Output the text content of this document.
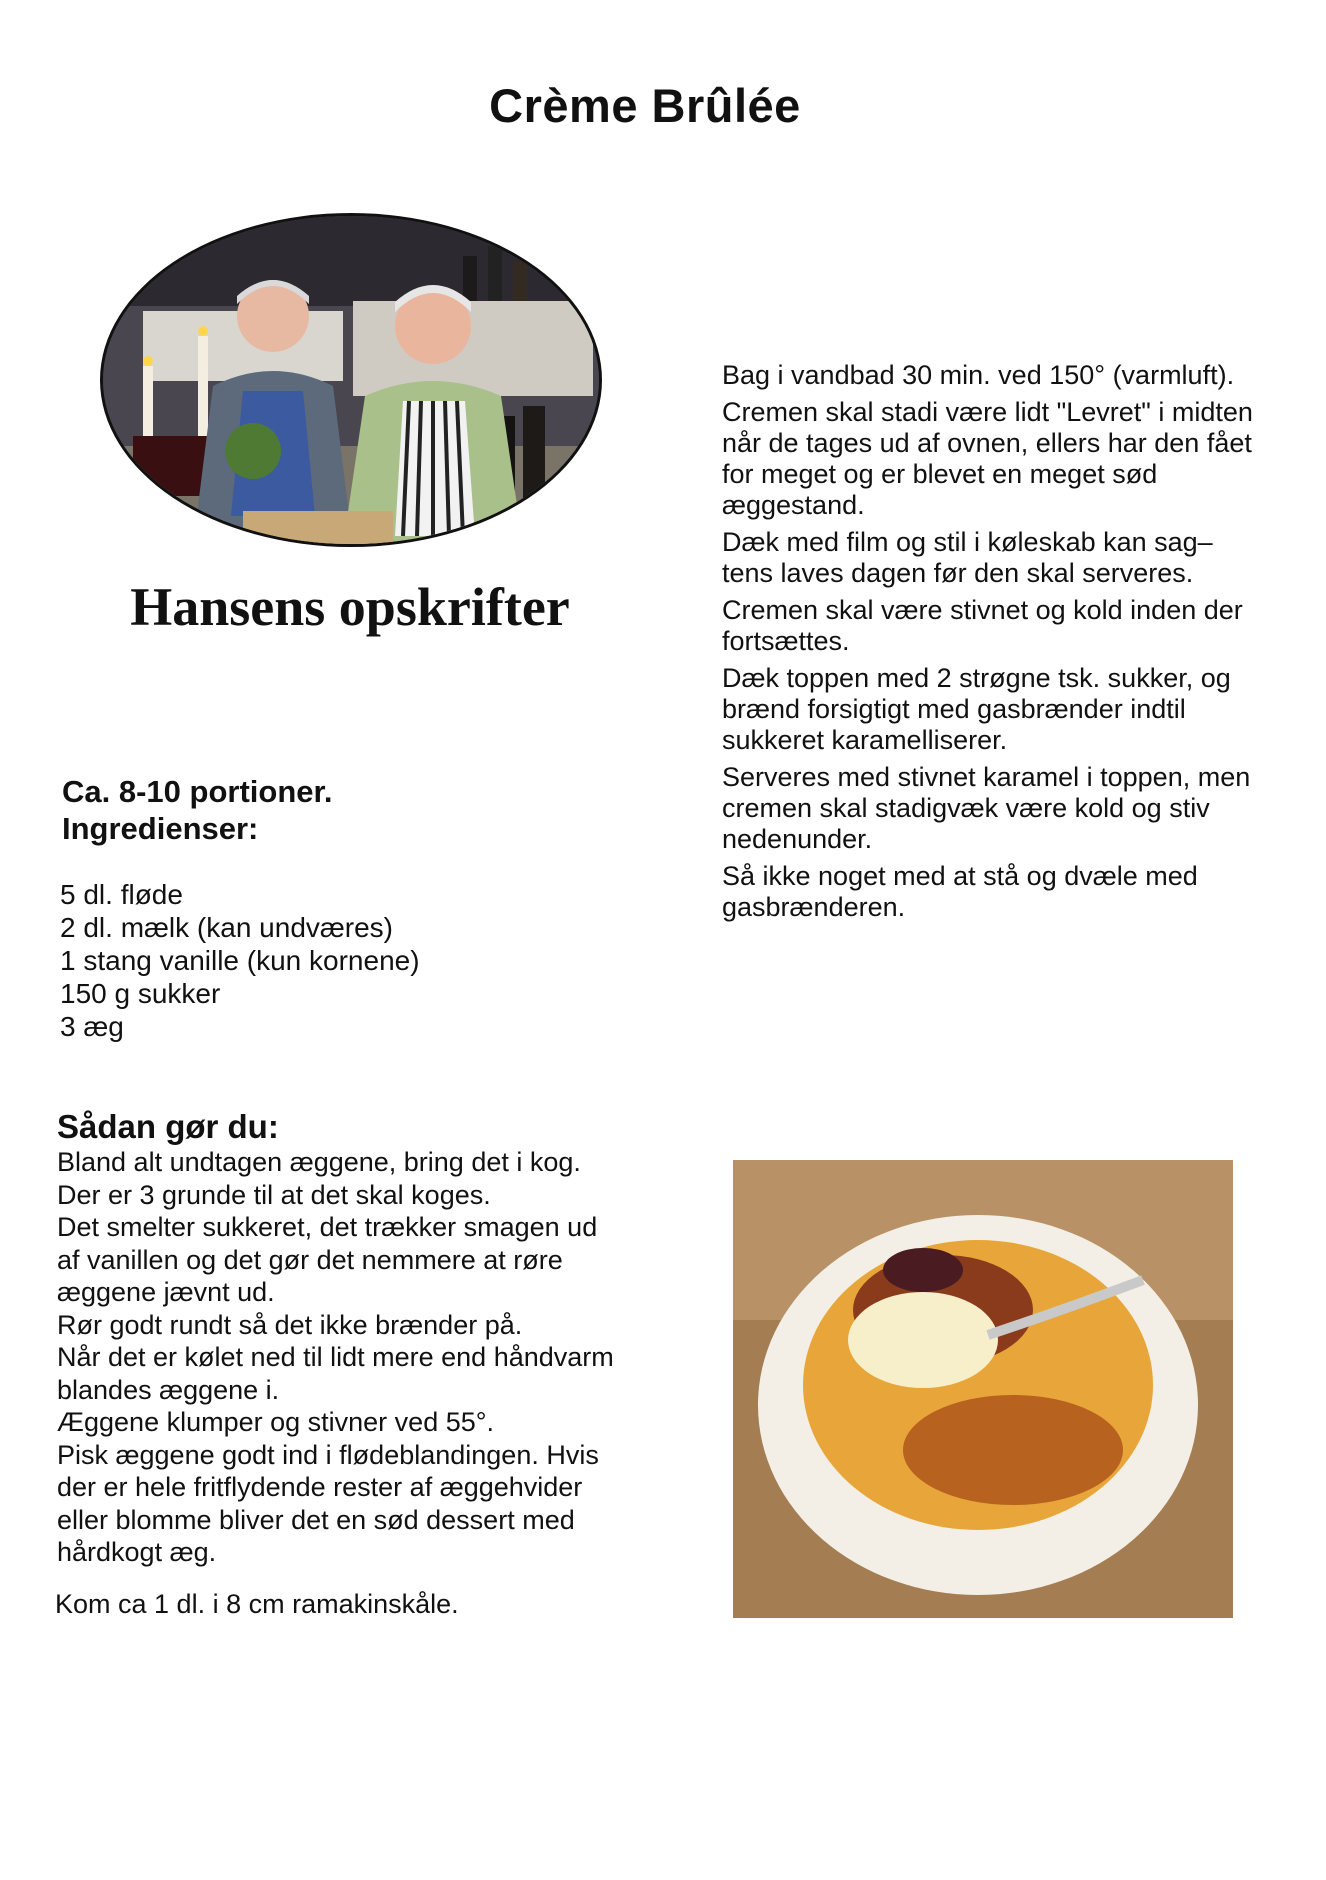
Crème Brûlée
Hansens opskrifter
Ca. 8-10 portioner.
Ingredienser:
5 dl. fløde
2 dl. mælk (kan undværes)
1 stang vanille (kun kornene)
150 g sukker
3 æg
Sådan gør du:
Bland alt undtagen æggene, bring det i kog.
Der er 3 grunde til at det skal koges.
Det smelter sukkeret, det trækker smagen ud
af vanillen og det gør det nemmere at røre
æggene jævnt ud.
Rør godt rundt så det ikke brænder på.
Når det er kølet ned til lidt mere end håndvarm
blandes æggene i.
Æggene klumper og stivner ved 55°.
Pisk æggene godt ind i flødeblandingen. Hvis
der er hele fritflydende rester af æggehvider
eller blomme bliver det en sød dessert med
hårdkogt æg.
Kom ca 1 dl. i 8 cm ramakinskåle.
Bag i vandbad 30 min. ved 150° (varmluft).
Cremen skal stadi være lidt "Levret" i midten når de tages ud af ovnen, ellers har den fået for meget og er blevet en meget sød æggestand.
Dæk med film og stil i køleskab kan sag–tens laves dagen før den skal serveres.
Cremen skal være stivnet og kold inden der fortsættes.
Dæk toppen med 2 strøgne tsk. sukker, og brænd forsigtigt med gasbrænder indtil sukkeret karamelliserer.
Serveres med stivnet karamel i toppen, men cremen skal stadigvæk være kold og stiv nedenunder.
Så ikke noget med at stå og dvæle med gasbrænderen.
